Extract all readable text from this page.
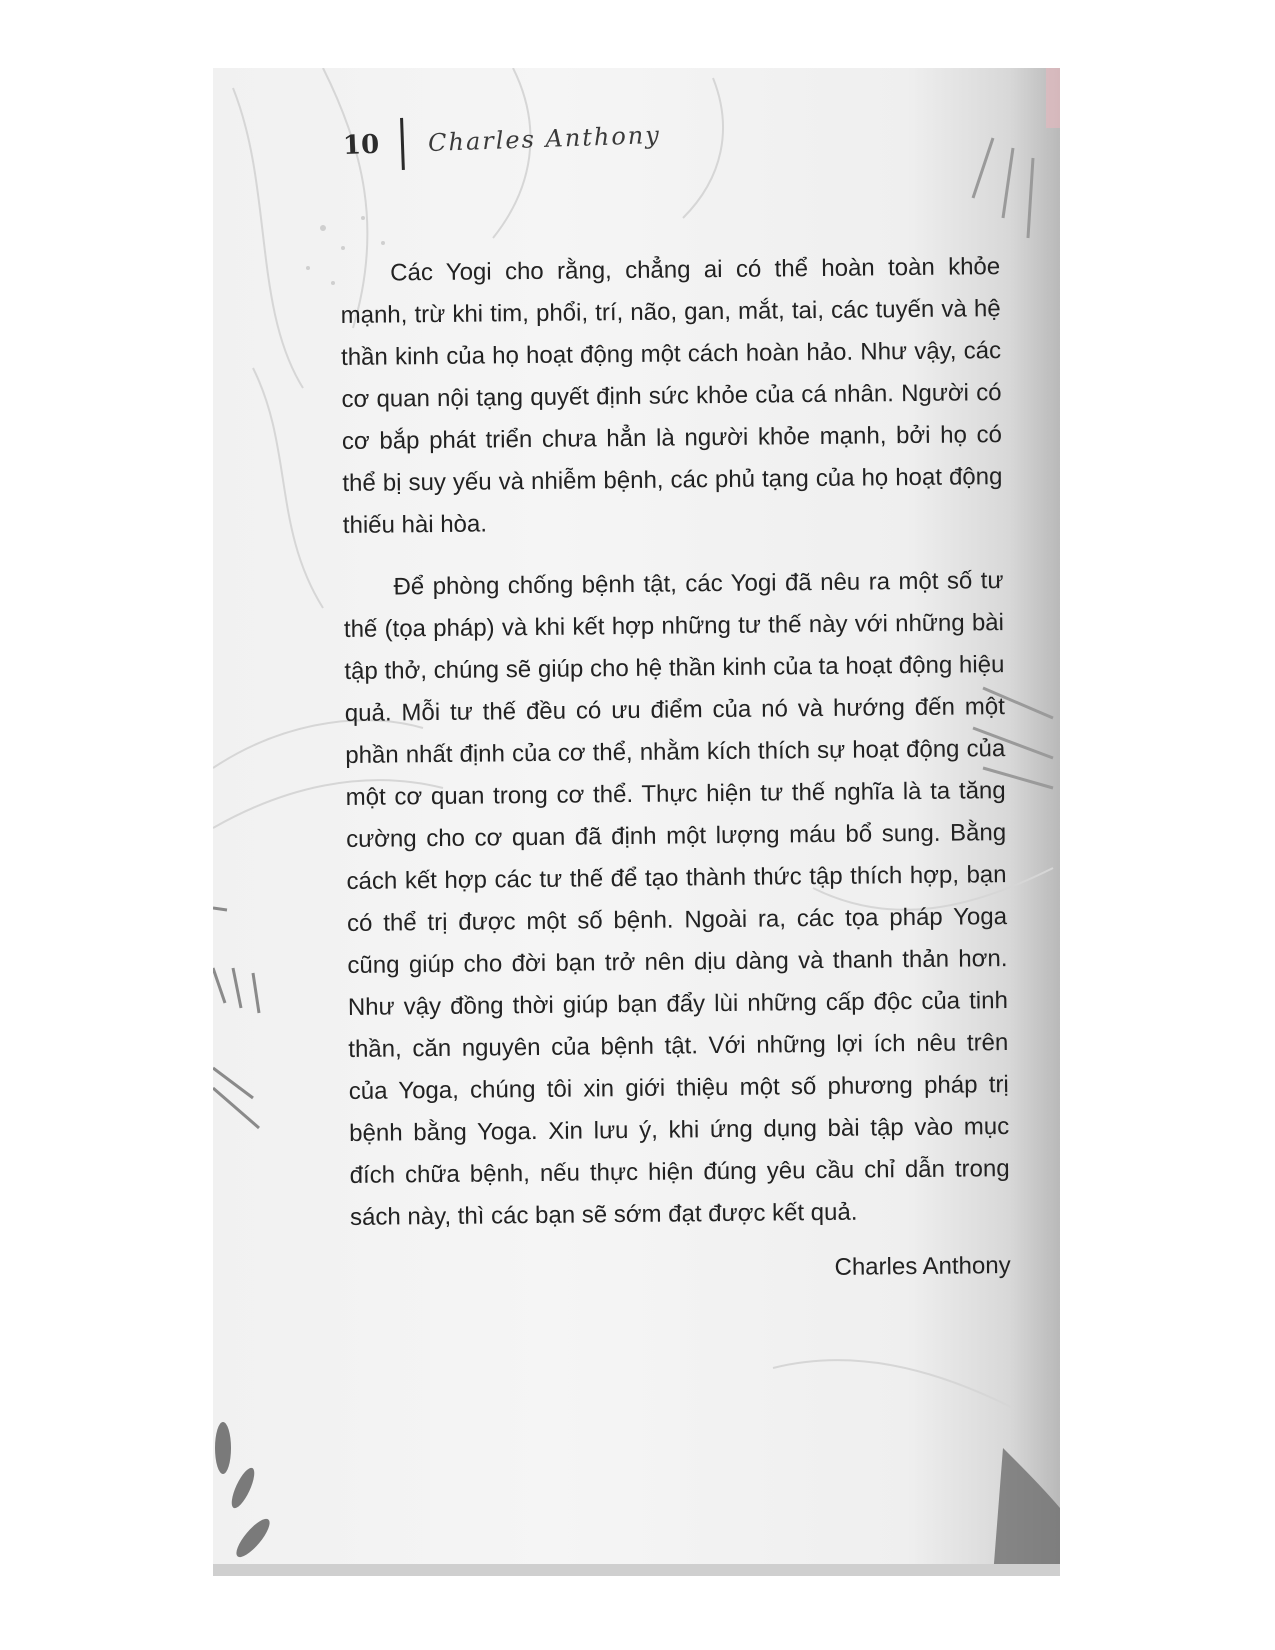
10 Charles Anthony

Các Yogi cho rằng, chẳng ai có thể hoàn toàn khỏe mạnh, trừ khi tim, phổi, trí, não, gan, mắt, tai, các tuyến và hệ thần kinh của họ hoạt động một cách hoàn hảo. Như vậy, các cơ quan nội tạng quyết định sức khỏe của cá nhân. Người có cơ bắp phát triển chưa hẳn là người khỏe mạnh, bởi họ có thể bị suy yếu và nhiễm bệnh, các phủ tạng của họ hoạt động thiếu hài hòa.

Để phòng chống bệnh tật, các Yogi đã nêu ra một số tư thế (tọa pháp) và khi kết hợp những tư thế này với những bài tập thở, chúng sẽ giúp cho hệ thần kinh của ta hoạt động hiệu quả. Mỗi tư thế đều có ưu điểm của nó và hướng đến một phần nhất định của cơ thể, nhằm kích thích sự hoạt động của một cơ quan trong cơ thể. Thực hiện tư thế nghĩa là ta tăng cường cho cơ quan đã định một lượng máu bổ sung. Bằng cách kết hợp các tư thế để tạo thành thức tập thích hợp, bạn có thể trị được một số bệnh. Ngoài ra, các tọa pháp Yoga cũng giúp cho đời bạn trở nên dịu dàng và thanh thản hơn. Như vậy đồng thời giúp bạn đẩy lùi những cấp độc của tinh thần, căn nguyên của bệnh tật. Với những lợi ích nêu trên của Yoga, chúng tôi xin giới thiệu một số phương pháp trị bệnh bằng Yoga. Xin lưu ý, khi ứng dụng bài tập vào mục đích chữa bệnh, nếu thực hiện đúng yêu cầu chỉ dẫn trong sách này, thì các bạn sẽ sớm đạt được kết quả.

Charles Anthony
